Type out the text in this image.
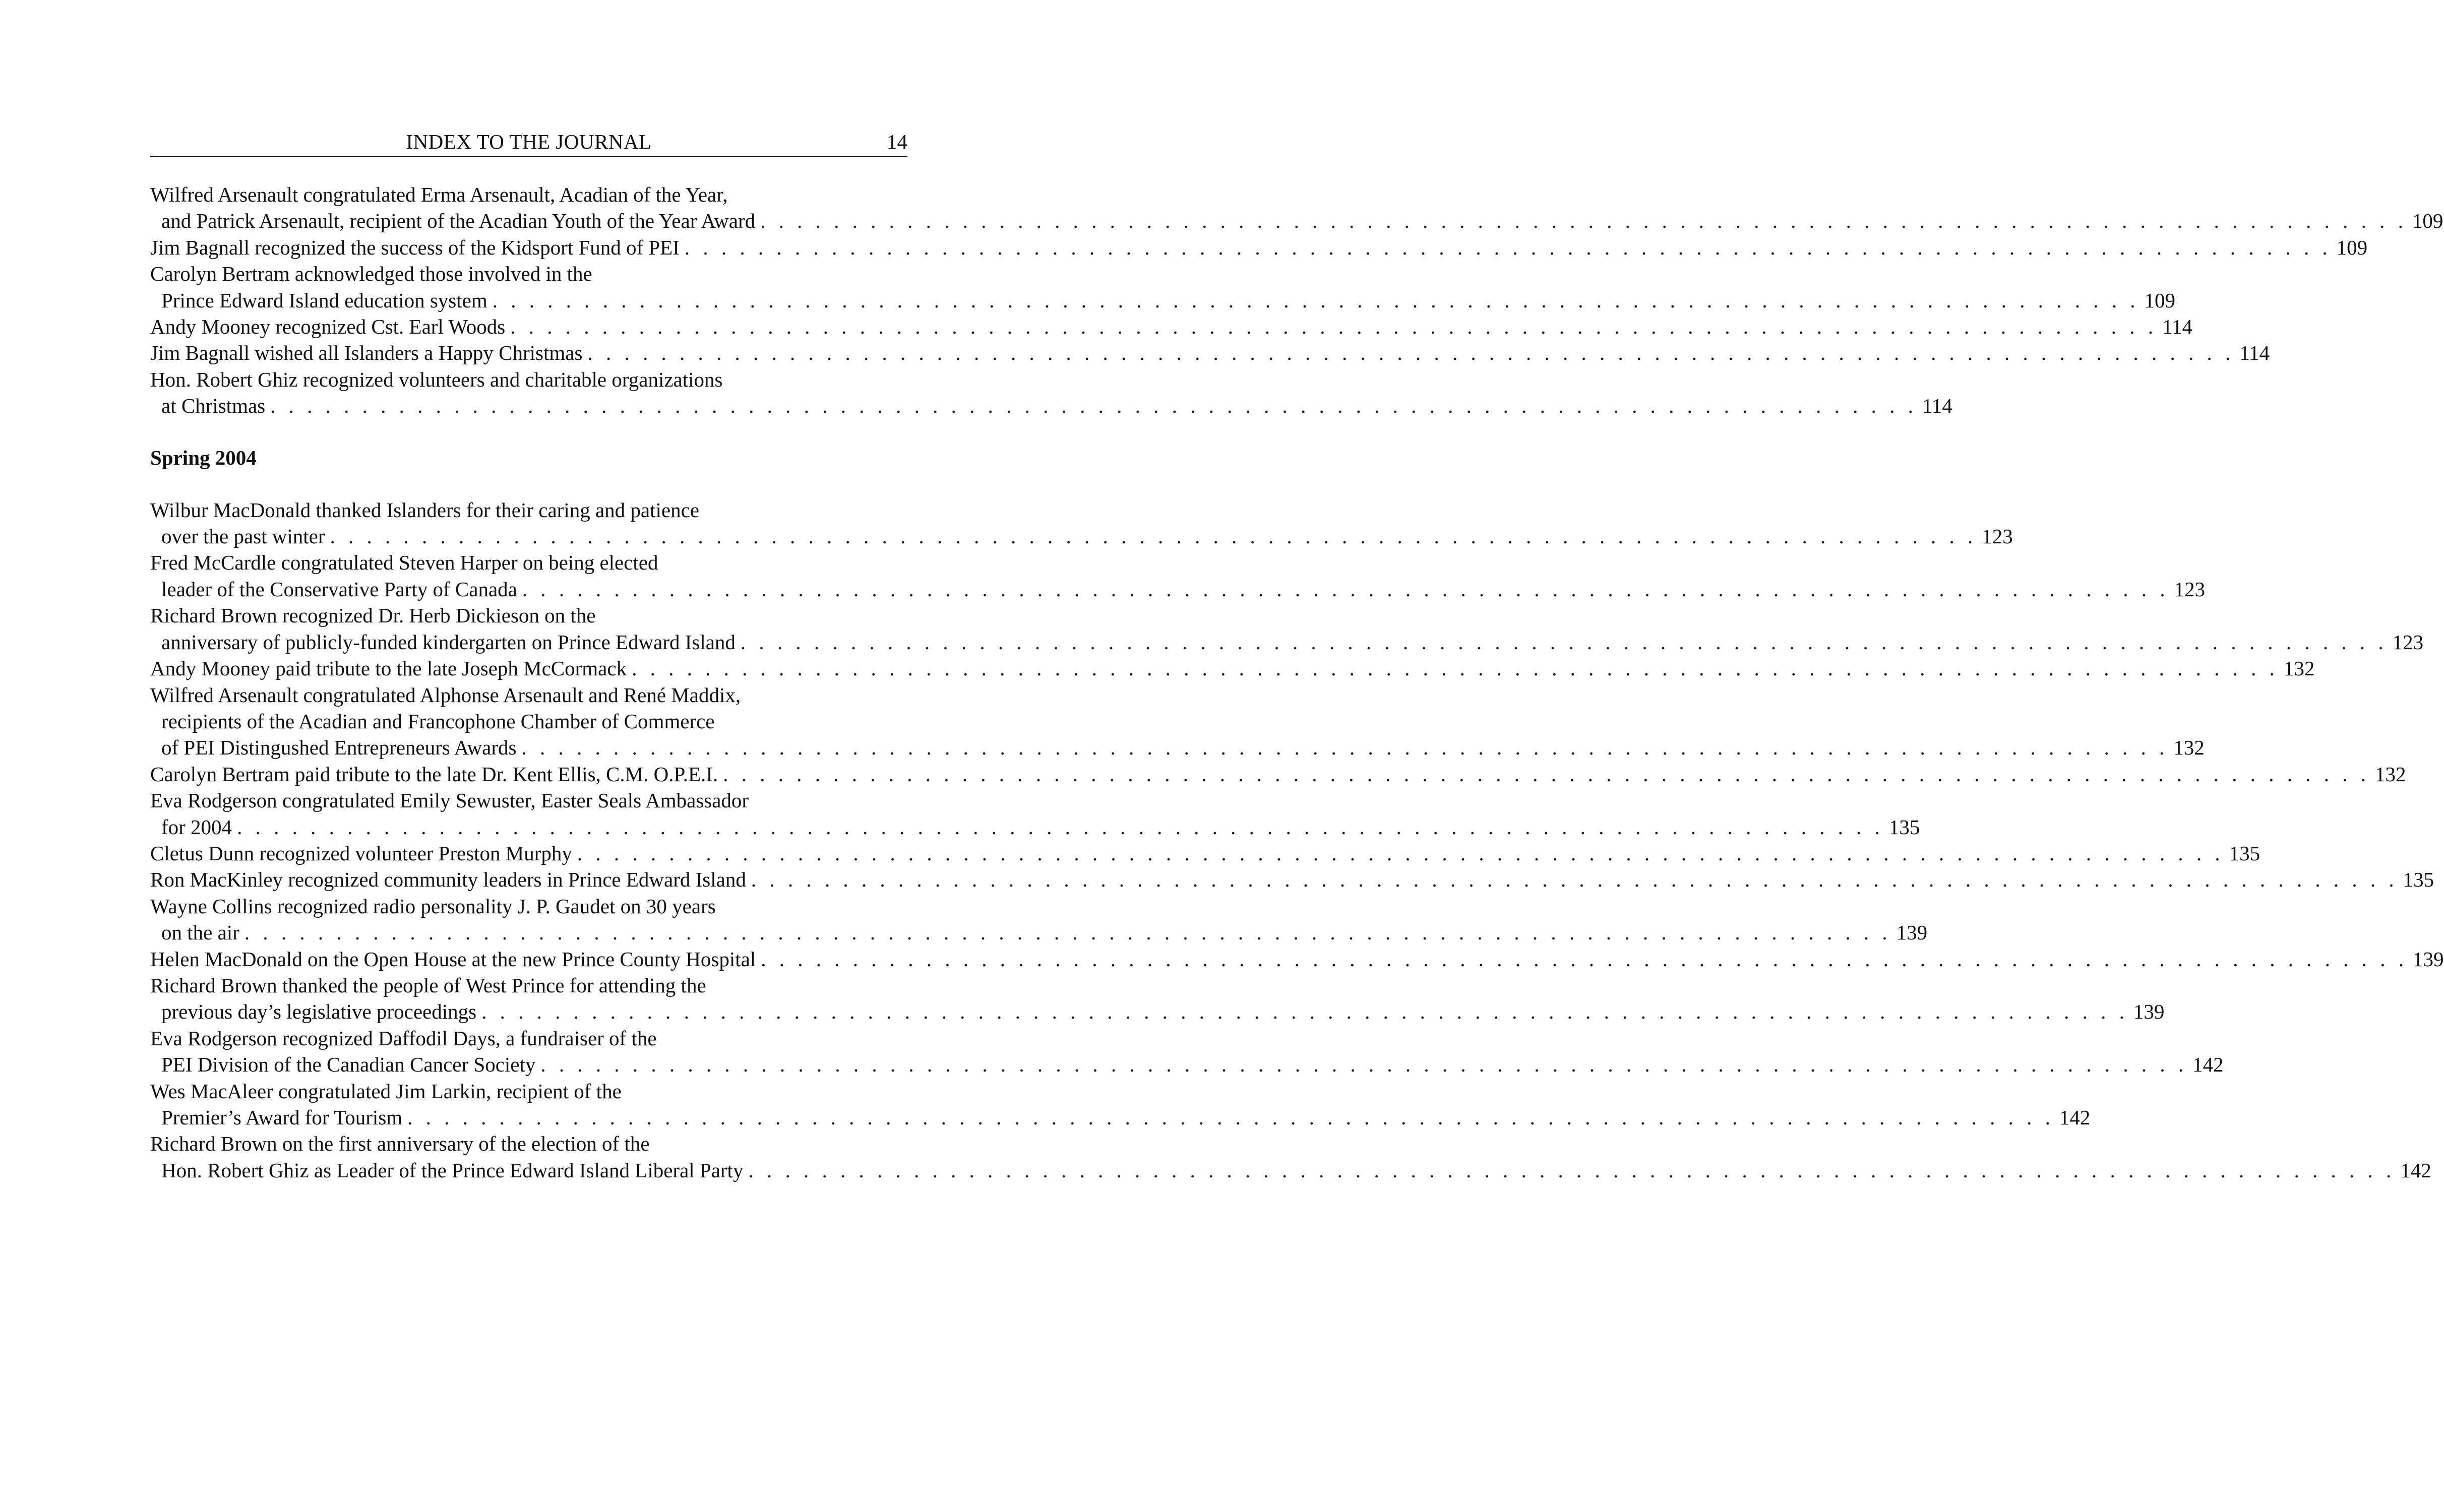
INDEX TO THE JOURNAL	14
Wilfred Arsenault congratulated Erma Arsenault, Acadian of the Year,
and Patrick Arsenault, recipient of the Acadian Youth of the Year Award . . . . . . . . . . . . . . . . . . . . . . . . . . . . . . . . . . . . . . . . . . . . . . . . . . . . . . . . . . . . . . . . . . . . . . . . . . . . . . . . . . . . . . . . . . 109
Jim Bagnall recognized the success of the Kidsport Fund of PEI . . . . . . . . . . . . . . . . . . . . . . . . . . . . . . . . . . . . . . . . . . . . . . . . . . . . . . . . . . . . . . . . . . . . . . . . . . . . . . . . . . . . . . . . . . 109
Carolyn Bertram acknowledged those involved in the
Prince Edward Island education system . . . . . . . . . . . . . . . . . . . . . . . . . . . . . . . . . . . . . . . . . . . . . . . . . . . . . . . . . . . . . . . . . . . . . . . . . . . . . . . . . . . . . . . . . . 109
Andy Mooney recognized Cst. Earl Woods . . . . . . . . . . . . . . . . . . . . . . . . . . . . . . . . . . . . . . . . . . . . . . . . . . . . . . . . . . . . . . . . . . . . . . . . . . . . . . . . . . . . . . . . . . 114
Jim Bagnall wished all Islanders a Happy Christmas . . . . . . . . . . . . . . . . . . . . . . . . . . . . . . . . . . . . . . . . . . . . . . . . . . . . . . . . . . . . . . . . . . . . . . . . . . . . . . . . . . . . . . . . . . 114
Hon. Robert Ghiz recognized volunteers and charitable organizations
at Christmas . . . . . . . . . . . . . . . . . . . . . . . . . . . . . . . . . . . . . . . . . . . . . . . . . . . . . . . . . . . . . . . . . . . . . . . . . . . . . . . . . . . . . . . . . . 114
Spring 2004
Wilbur MacDonald thanked Islanders for their caring and patience
over the past winter . . . . . . . . . . . . . . . . . . . . . . . . . . . . . . . . . . . . . . . . . . . . . . . . . . . . . . . . . . . . . . . . . . . . . . . . . . . . . . . . . . . . . . . . . . 123
Fred McCardle congratulated Steven Harper on being elected
leader of the Conservative Party of Canada . . . . . . . . . . . . . . . . . . . . . . . . . . . . . . . . . . . . . . . . . . . . . . . . . . . . . . . . . . . . . . . . . . . . . . . . . . . . . . . . . . . . . . . . . . 123
Richard Brown recognized Dr. Herb Dickieson on the
anniversary of publicly-funded kindergarten on Prince Edward Island . . . . . . . . . . . . . . . . . . . . . . . . . . . . . . . . . . . . . . . . . . . . . . . . . . . . . . . . . . . . . . . . . . . . . . . . . . . . . . . . . . . . . . . . . . 123
Andy Mooney paid tribute to the late Joseph McCormack . . . . . . . . . . . . . . . . . . . . . . . . . . . . . . . . . . . . . . . . . . . . . . . . . . . . . . . . . . . . . . . . . . . . . . . . . . . . . . . . . . . . . . . . . . 132
Wilfred Arsenault congratulated Alphonse Arsenault and René Maddix,
recipients of the Acadian and Francophone Chamber of Commerce
of PEI Distingushed Entrepreneurs Awards . . . . . . . . . . . . . . . . . . . . . . . . . . . . . . . . . . . . . . . . . . . . . . . . . . . . . . . . . . . . . . . . . . . . . . . . . . . . . . . . . . . . . . . . . . 132
Carolyn Bertram paid tribute to the late Dr. Kent Ellis, C.M. O.P.E.I. . . . . . . . . . . . . . . . . . . . . . . . . . . . . . . . . . . . . . . . . . . . . . . . . . . . . . . . . . . . . . . . . . . . . . . . . . . . . . . . . . . . . . . . . . . 132
Eva Rodgerson congratulated Emily Sewuster, Easter Seals Ambassador
for 2004 . . . . . . . . . . . . . . . . . . . . . . . . . . . . . . . . . . . . . . . . . . . . . . . . . . . . . . . . . . . . . . . . . . . . . . . . . . . . . . . . . . . . . . . . . . 135
Cletus Dunn recognized volunteer Preston Murphy . . . . . . . . . . . . . . . . . . . . . . . . . . . . . . . . . . . . . . . . . . . . . . . . . . . . . . . . . . . . . . . . . . . . . . . . . . . . . . . . . . . . . . . . . . 135
Ron MacKinley recognized community leaders in Prince Edward Island . . . . . . . . . . . . . . . . . . . . . . . . . . . . . . . . . . . . . . . . . . . . . . . . . . . . . . . . . . . . . . . . . . . . . . . . . . . . . . . . . . . . . . . . . . 135
Wayne Collins recognized radio personality J. P. Gaudet on 30 years
on the air . . . . . . . . . . . . . . . . . . . . . . . . . . . . . . . . . . . . . . . . . . . . . . . . . . . . . . . . . . . . . . . . . . . . . . . . . . . . . . . . . . . . . . . . . . 139
Helen MacDonald on the Open House at the new Prince County Hospital . . . . . . . . . . . . . . . . . . . . . . . . . . . . . . . . . . . . . . . . . . . . . . . . . . . . . . . . . . . . . . . . . . . . . . . . . . . . . . . . . . . . . . . . . . 139
Richard Brown thanked the people of West Prince for attending the
previous day’s legislative proceedings . . . . . . . . . . . . . . . . . . . . . . . . . . . . . . . . . . . . . . . . . . . . . . . . . . . . . . . . . . . . . . . . . . . . . . . . . . . . . . . . . . . . . . . . . . 139
Eva Rodgerson recognized Daffodil Days, a fundraiser of the
PEI Division of the Canadian Cancer Society . . . . . . . . . . . . . . . . . . . . . . . . . . . . . . . . . . . . . . . . . . . . . . . . . . . . . . . . . . . . . . . . . . . . . . . . . . . . . . . . . . . . . . . . . . 142
Wes MacAleer congratulated Jim Larkin, recipient of the
Premier’s Award for Tourism . . . . . . . . . . . . . . . . . . . . . . . . . . . . . . . . . . . . . . . . . . . . . . . . . . . . . . . . . . . . . . . . . . . . . . . . . . . . . . . . . . . . . . . . . . 142
Richard Brown on the first anniversary of the election of the
Hon. Robert Ghiz as Leader of the Prince Edward Island Liberal Party . . . . . . . . . . . . . . . . . . . . . . . . . . . . . . . . . . . . . . . . . . . . . . . . . . . . . . . . . . . . . . . . . . . . . . . . . . . . . . . . . . . . . . . . . . 142
